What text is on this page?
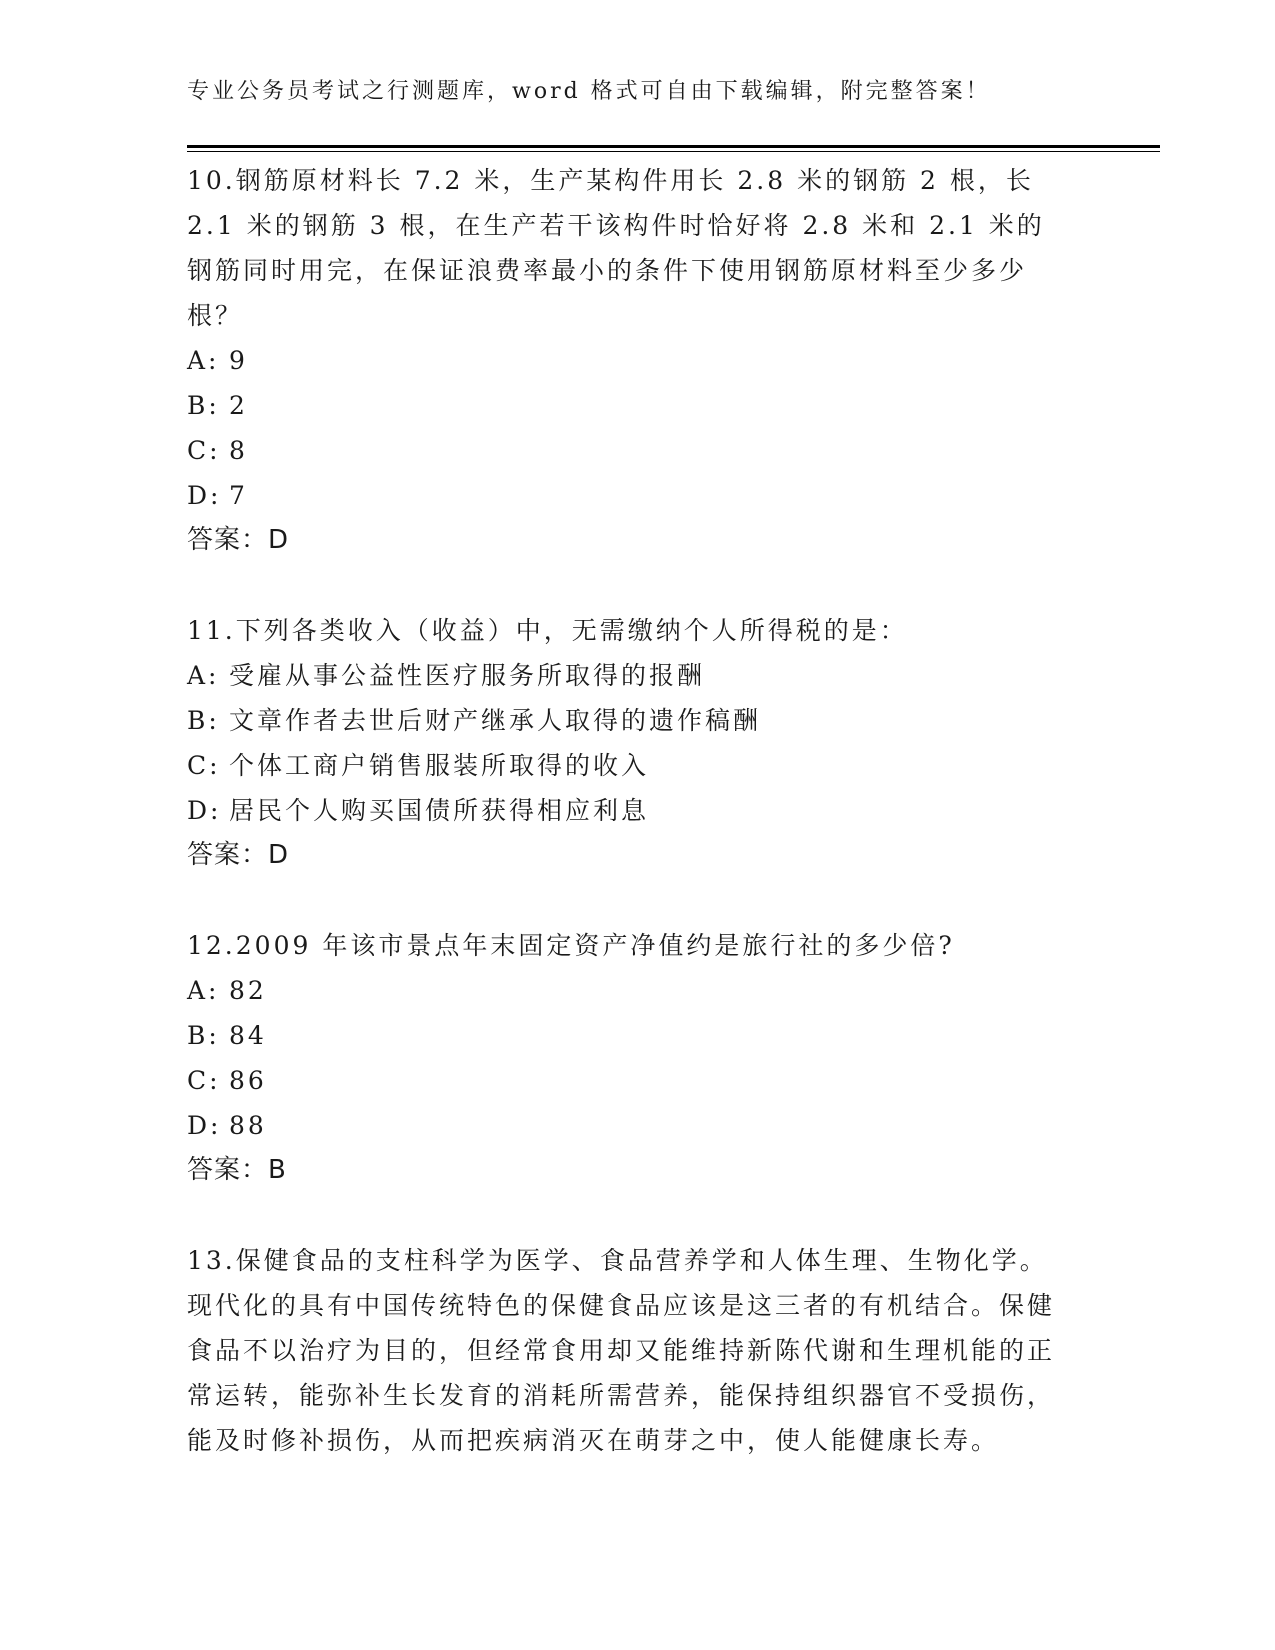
专业公务员考试之行测题库，word 格式可自由下载编辑，附完整答案！
10.钢筋原材料长 7.2 米，生产某构件用长 2.8 米的钢筋 2 根，长 2.1 米的钢筋 3 根，在生产若干该构件时恰好将 2.8 米和 2.1 米的钢筋同时用完，在保证浪费率最小的条件下使用钢筋原材料至少多少根？
A: 9
B: 2
C: 8
D: 7
答案：D
11.下列各类收入（收益）中，无需缴纳个人所得税的是：
A: 受雇从事公益性医疗服务所取得的报酬
B: 文章作者去世后财产继承人取得的遗作稿酬
C: 个体工商户销售服装所取得的收入
D: 居民个人购买国债所获得相应利息
答案：D
12.2009 年该市景点年末固定资产净值约是旅行社的多少倍?
A: 82
B: 84
C: 86
D: 88
答案：B
13.保健食品的支柱科学为医学、食品营养学和人体生理、生物化学。现代化的具有中国传统特色的保健食品应该是这三者的有机结合。保健食品不以治疗为目的，但经常食用却又能维持新陈代谢和生理机能的正常运转，能弥补生长发育的消耗所需营养，能保持组织器官不受损伤，能及时修补损伤，从而把疾病消灭在萌芽之中，使人能健康长寿。
